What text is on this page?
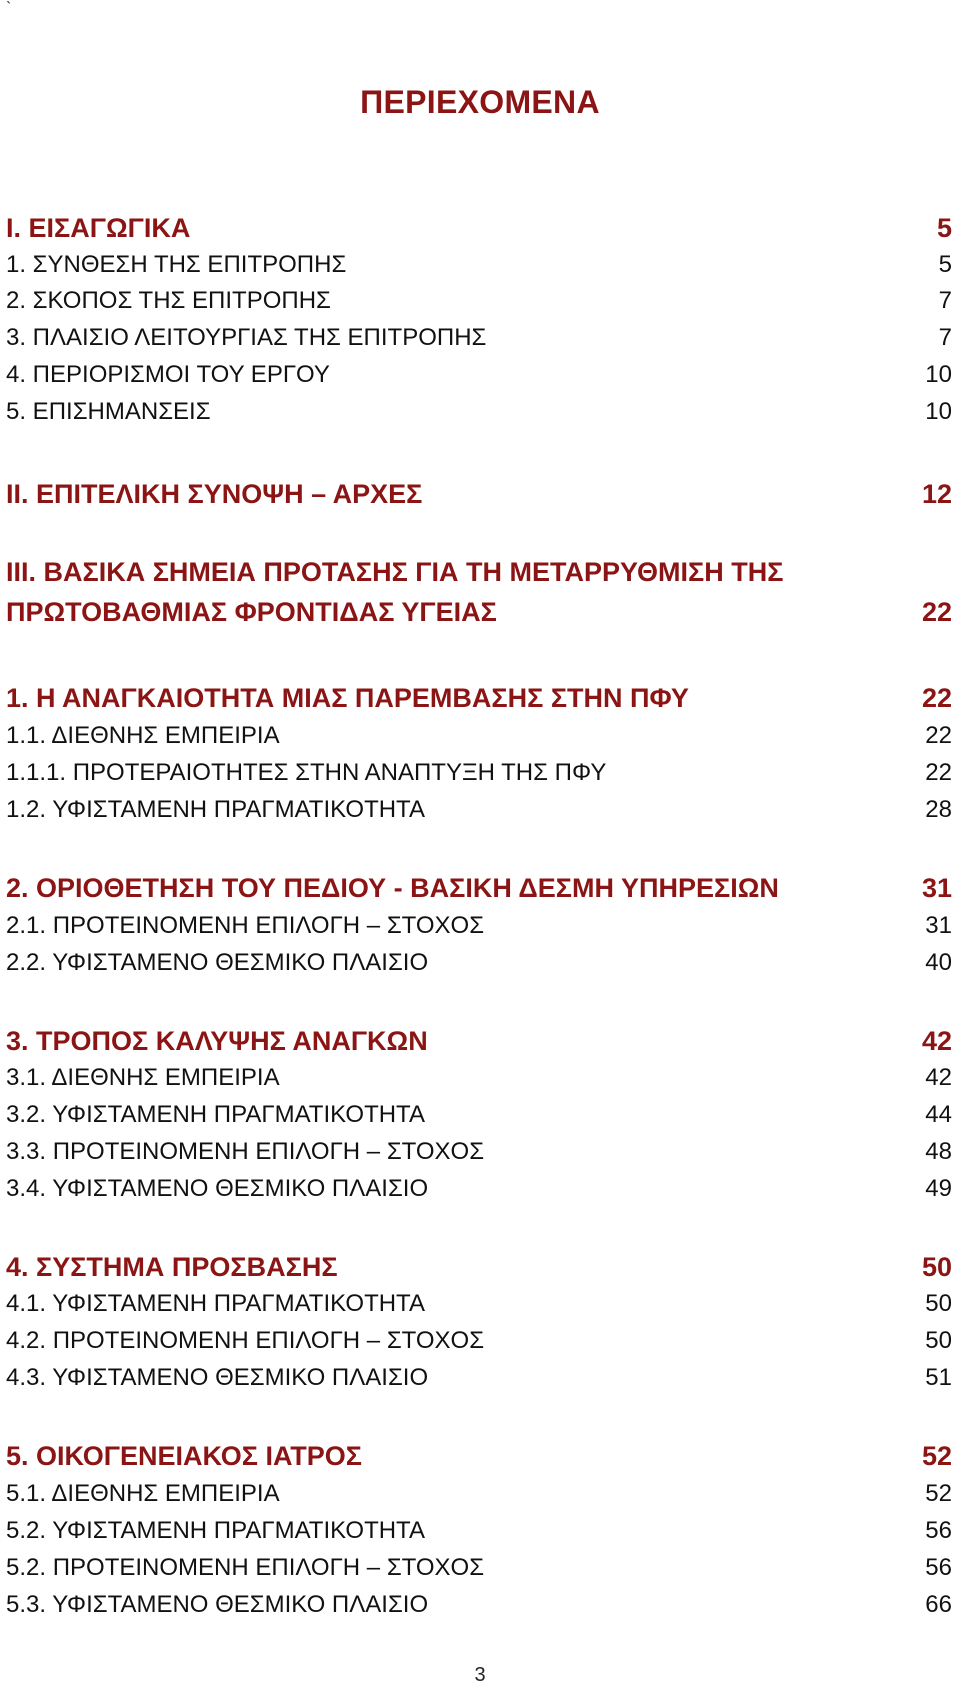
`
ΠΕΡΙΕΧΟΜΕΝΑ
I. ΕΙΣΑΓΩΓΙΚΑ	5
1. ΣΥΝΘΕΣΗ ΤΗΣ ΕΠΙΤΡΟΠΗΣ	5
2. ΣΚΟΠΟΣ ΤΗΣ ΕΠΙΤΡΟΠΗΣ	7
3. ΠΛΑΙΣΙΟ ΛΕΙΤΟΥΡΓΙΑΣ ΤΗΣ ΕΠΙΤΡΟΠΗΣ	7
4. ΠΕΡΙΟΡΙΣΜΟΙ ΤΟΥ ΕΡΓΟΥ	10
5. ΕΠΙΣΗΜΑΝΣΕΙΣ	10
II. ΕΠΙΤΕΛΙΚΗ ΣΥΝΟΨΗ – ΑΡΧΕΣ	12
III. ΒΑΣΙΚΑ ΣΗΜΕΙΑ ΠΡΟΤΑΣΗΣ ΓΙΑ ΤΗ ΜΕΤΑΡΡΥΘΜΙΣΗ ΤΗΣ ΠΡΩΤΟΒΑΘΜΙΑΣ ΦΡΟΝΤΙΔΑΣ ΥΓΕΙΑΣ	22
1. Η ΑΝΑΓΚΑΙΟΤΗΤΑ ΜΙΑΣ ΠΑΡΕΜΒΑΣΗΣ ΣΤΗΝ ΠΦΥ	22
1.1. ΔΙΕΘΝΗΣ ΕΜΠΕΙΡΙΑ	22
1.1.1. ΠΡΟΤΕΡΑΙΟΤΗΤΕΣ ΣΤΗΝ ΑΝΑΠΤΥΞΗ ΤΗΣ ΠΦΥ	22
1.2. ΥΦΙΣΤΑΜΕΝΗ ΠΡΑΓΜΑΤΙΚΟΤΗΤΑ	28
2. ΟΡΙΟΘΕΤΗΣΗ ΤΟΥ ΠΕΔΙΟΥ - ΒΑΣΙΚΗ ΔΕΣΜΗ ΥΠΗΡΕΣΙΩΝ	31
2.1. ΠΡΟΤΕΙΝΟΜΕΝΗ ΕΠΙΛΟΓΗ – ΣΤΟΧΟΣ	31
2.2. ΥΦΙΣΤΑΜΕΝΟ ΘΕΣΜΙΚΟ ΠΛΑΙΣΙΟ	40
3. ΤΡΟΠΟΣ ΚΑΛΥΨΗΣ ΑΝΑΓΚΩΝ	42
3.1. ΔΙΕΘΝΗΣ ΕΜΠΕΙΡΙΑ	42
3.2. ΥΦΙΣΤΑΜΕΝΗ ΠΡΑΓΜΑΤΙΚΟΤΗΤΑ	44
3.3. ΠΡΟΤΕΙΝΟΜΕΝΗ ΕΠΙΛΟΓΗ – ΣΤΟΧΟΣ	48
3.4. ΥΦΙΣΤΑΜΕΝΟ ΘΕΣΜΙΚΟ ΠΛΑΙΣΙΟ	49
4. ΣΥΣΤΗΜΑ ΠΡΟΣΒΑΣΗΣ	50
4.1. ΥΦΙΣΤΑΜΕΝΗ ΠΡΑΓΜΑΤΙΚΟΤΗΤΑ	50
4.2. ΠΡΟΤΕΙΝΟΜΕΝΗ ΕΠΙΛΟΓΗ – ΣΤΟΧΟΣ	50
4.3. ΥΦΙΣΤΑΜΕΝΟ ΘΕΣΜΙΚΟ ΠΛΑΙΣΙΟ	51
5. ΟΙΚΟΓΕΝΕΙΑΚΟΣ ΙΑΤΡΟΣ	52
5.1. ΔΙΕΘΝΗΣ ΕΜΠΕΙΡΙΑ	52
5.2. ΥΦΙΣΤΑΜΕΝΗ ΠΡΑΓΜΑΤΙΚΟΤΗΤΑ	56
5.2. ΠΡΟΤΕΙΝΟΜΕΝΗ ΕΠΙΛΟΓΗ – ΣΤΟΧΟΣ	56
5.3. ΥΦΙΣΤΑΜΕΝΟ ΘΕΣΜΙΚΟ ΠΛΑΙΣΙΟ	66
3
